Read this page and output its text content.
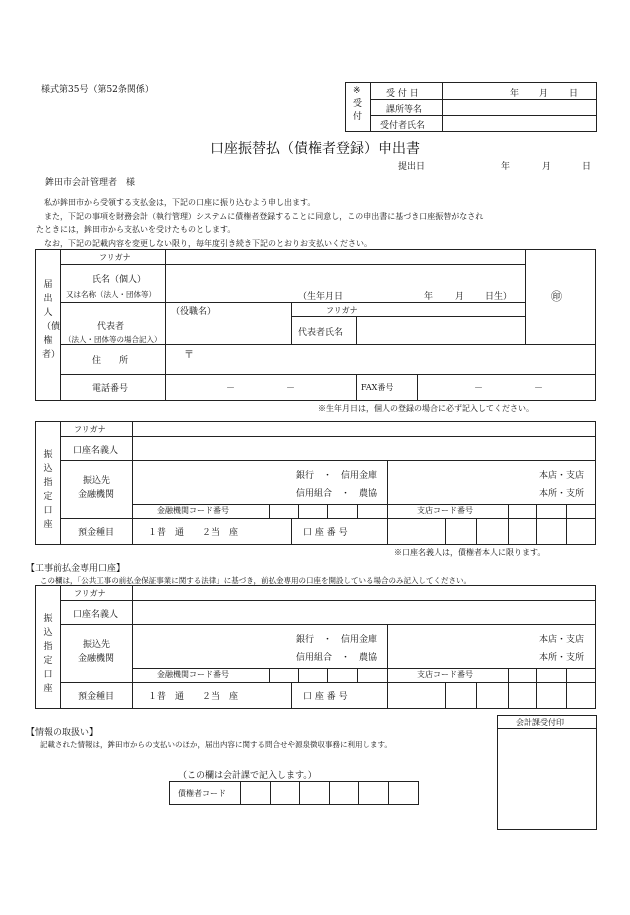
様式第35号（第52条関係）	※
受付
受 付 日	年 月 日
課所等名
受付者氏名
口座振替払（債権者登録）申出書
提出日	年	月	日
鉾田市会計管理者　様
　私が鉾田市から受領する支払金は，下記の口座に振り込むよう申し出ます。
　また，下記の事項を財務会計（執行管理）システムに債権者登録することに同意し，この申出書に基づき口座振替がなされ
たときには，鉾田市から支払いを受けたものとします。
　なお，下記の記載内容を変更しない限り，毎年度引き続き下記のとおりお支払いください。
届出人（債権者）
フリガナ
氏名（個人）
又は名称（法人・団体等）	（生年月日	年 月 日生）	㊞
代表者
（法人・団体等の場合記入）
（役職名）	フリガナ
代表者氏名
住　　所	〒
電話番号	－	－	FAX番号	－	－
※生年月日は，個人の登録の場合に必ず記入してください。
振込指定口座
フリガナ
口座名義人
振込先
金融機関
銀行　・　信用金庫
信用組合　・　農協
本店・支店
本所・支所
金融機関コード番号	支店コード番号
預金種目	１普　通　　２当　座	口 座 番 号
※口座名義人は，債権者本人に限ります。
【工事前払金専用口座】
この欄は，「公共工事の前払金保証事業に関する法律」に基づき，前払金専用の口座を開設している場合のみ記入してください。
振込指定口座
フリガナ
口座名義人
振込先
金融機関
銀行　・　信用金庫
信用組合　・　農協
本店・支店
本所・支所
金融機関コード番号	支店コード番号
預金種目	１普　通　　２当　座	口 座 番 号
【情報の取扱い】
記載された情報は，鉾田市からの支払いのほか，届出内容に関する問合せや源泉徴収事務に利用します。
会計課受付印
（この欄は会計課で記入します。）
債権者コード
